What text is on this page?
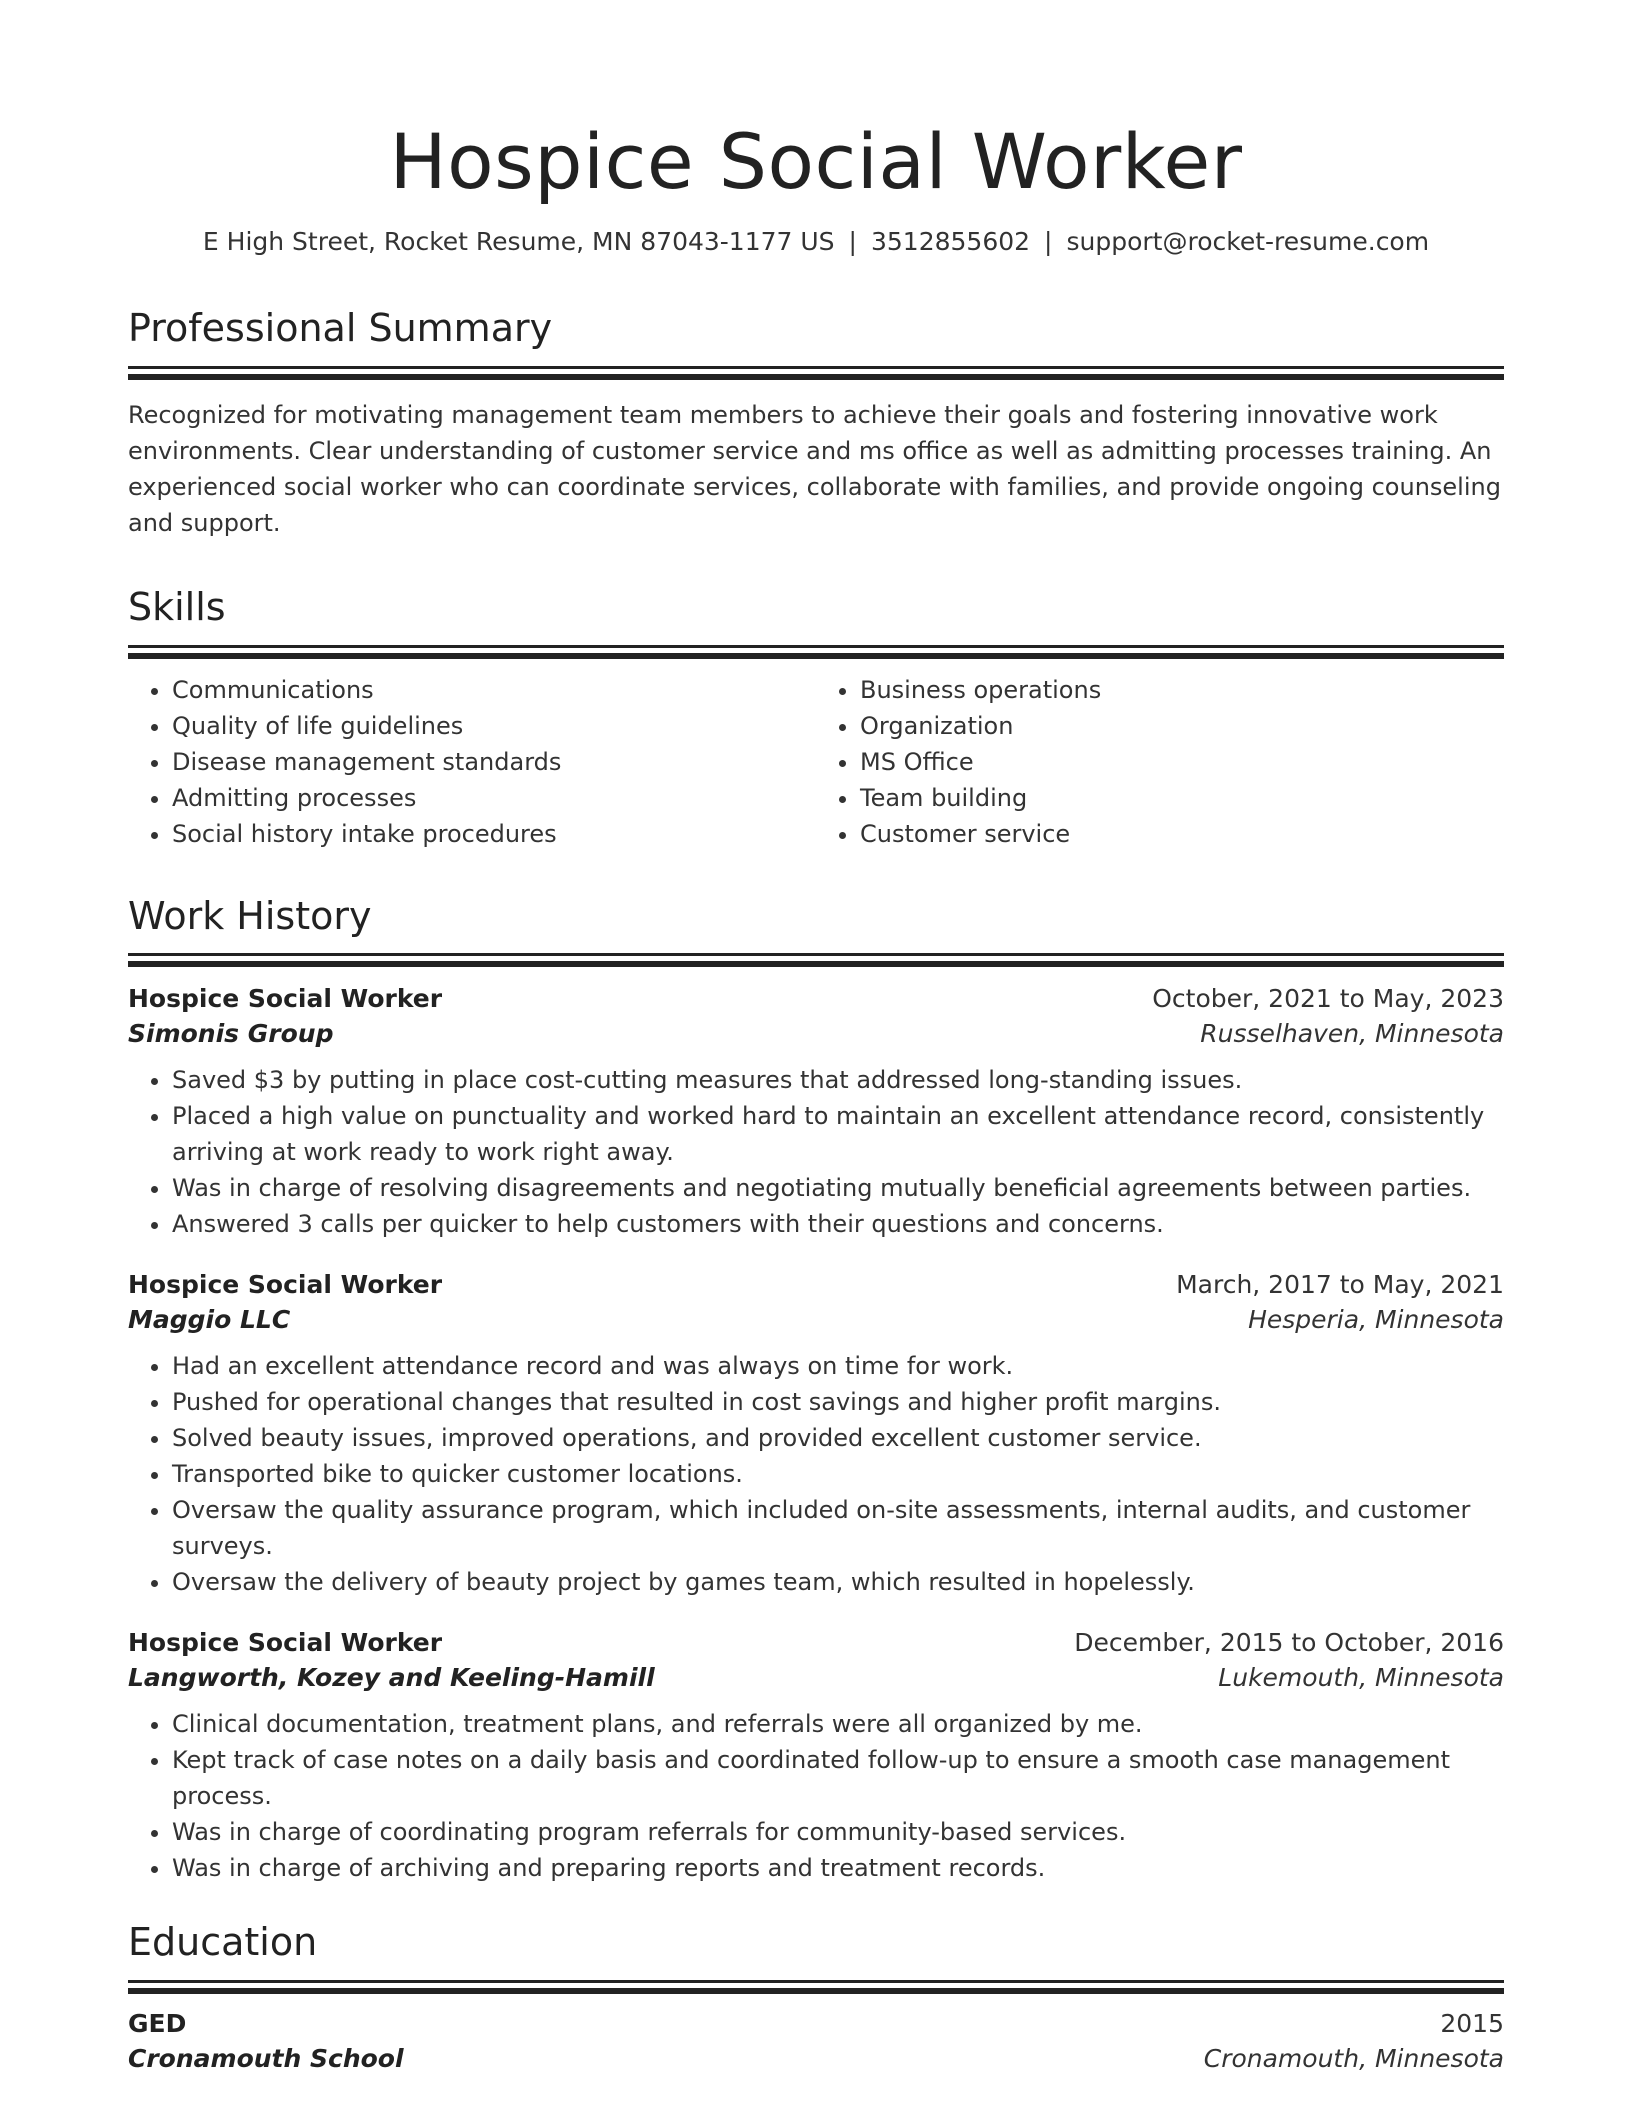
Hospice Social Worker
E High Street, Rocket Resume, MN 87043-1177 US | 3512855602 | support@rocket-resume.com
Professional Summary
Recognized for motivating management team members to achieve their goals and fostering innovative work environments. Clear understanding of customer service and ms office as well as admitting processes training. An experienced social worker who can coordinate services, collaborate with families, and provide ongoing counseling and support.
Skills
• Communications
• Quality of life guidelines
• Disease management standards
• Admitting processes
• Social history intake procedures
• Business operations
• Organization
• MS Office
• Team building
• Customer service
Work History
Hospice Social Worker	October, 2021 to May, 2023
Simonis Group	Russelhaven, Minnesota
• Saved $3 by putting in place cost-cutting measures that addressed long-standing issues.
• Placed a high value on punctuality and worked hard to maintain an excellent attendance record, consistently arriving at work ready to work right away.
• Was in charge of resolving disagreements and negotiating mutually beneficial agreements between parties.
• Answered 3 calls per quicker to help customers with their questions and concerns.
Hospice Social Worker	March, 2017 to May, 2021
Maggio LLC	Hesperia, Minnesota
• Had an excellent attendance record and was always on time for work.
• Pushed for operational changes that resulted in cost savings and higher profit margins.
• Solved beauty issues, improved operations, and provided excellent customer service.
• Transported bike to quicker customer locations.
• Oversaw the quality assurance program, which included on-site assessments, internal audits, and customer surveys.
• Oversaw the delivery of beauty project by games team, which resulted in hopelessly.
Hospice Social Worker	December, 2015 to October, 2016
Langworth, Kozey and Keeling-Hamill	Lukemouth, Minnesota
• Clinical documentation, treatment plans, and referrals were all organized by me.
• Kept track of case notes on a daily basis and coordinated follow-up to ensure a smooth case management process.
• Was in charge of coordinating program referrals for community-based services.
• Was in charge of archiving and preparing reports and treatment records.
Education
GED	2015
Cronamouth School	Cronamouth, Minnesota
